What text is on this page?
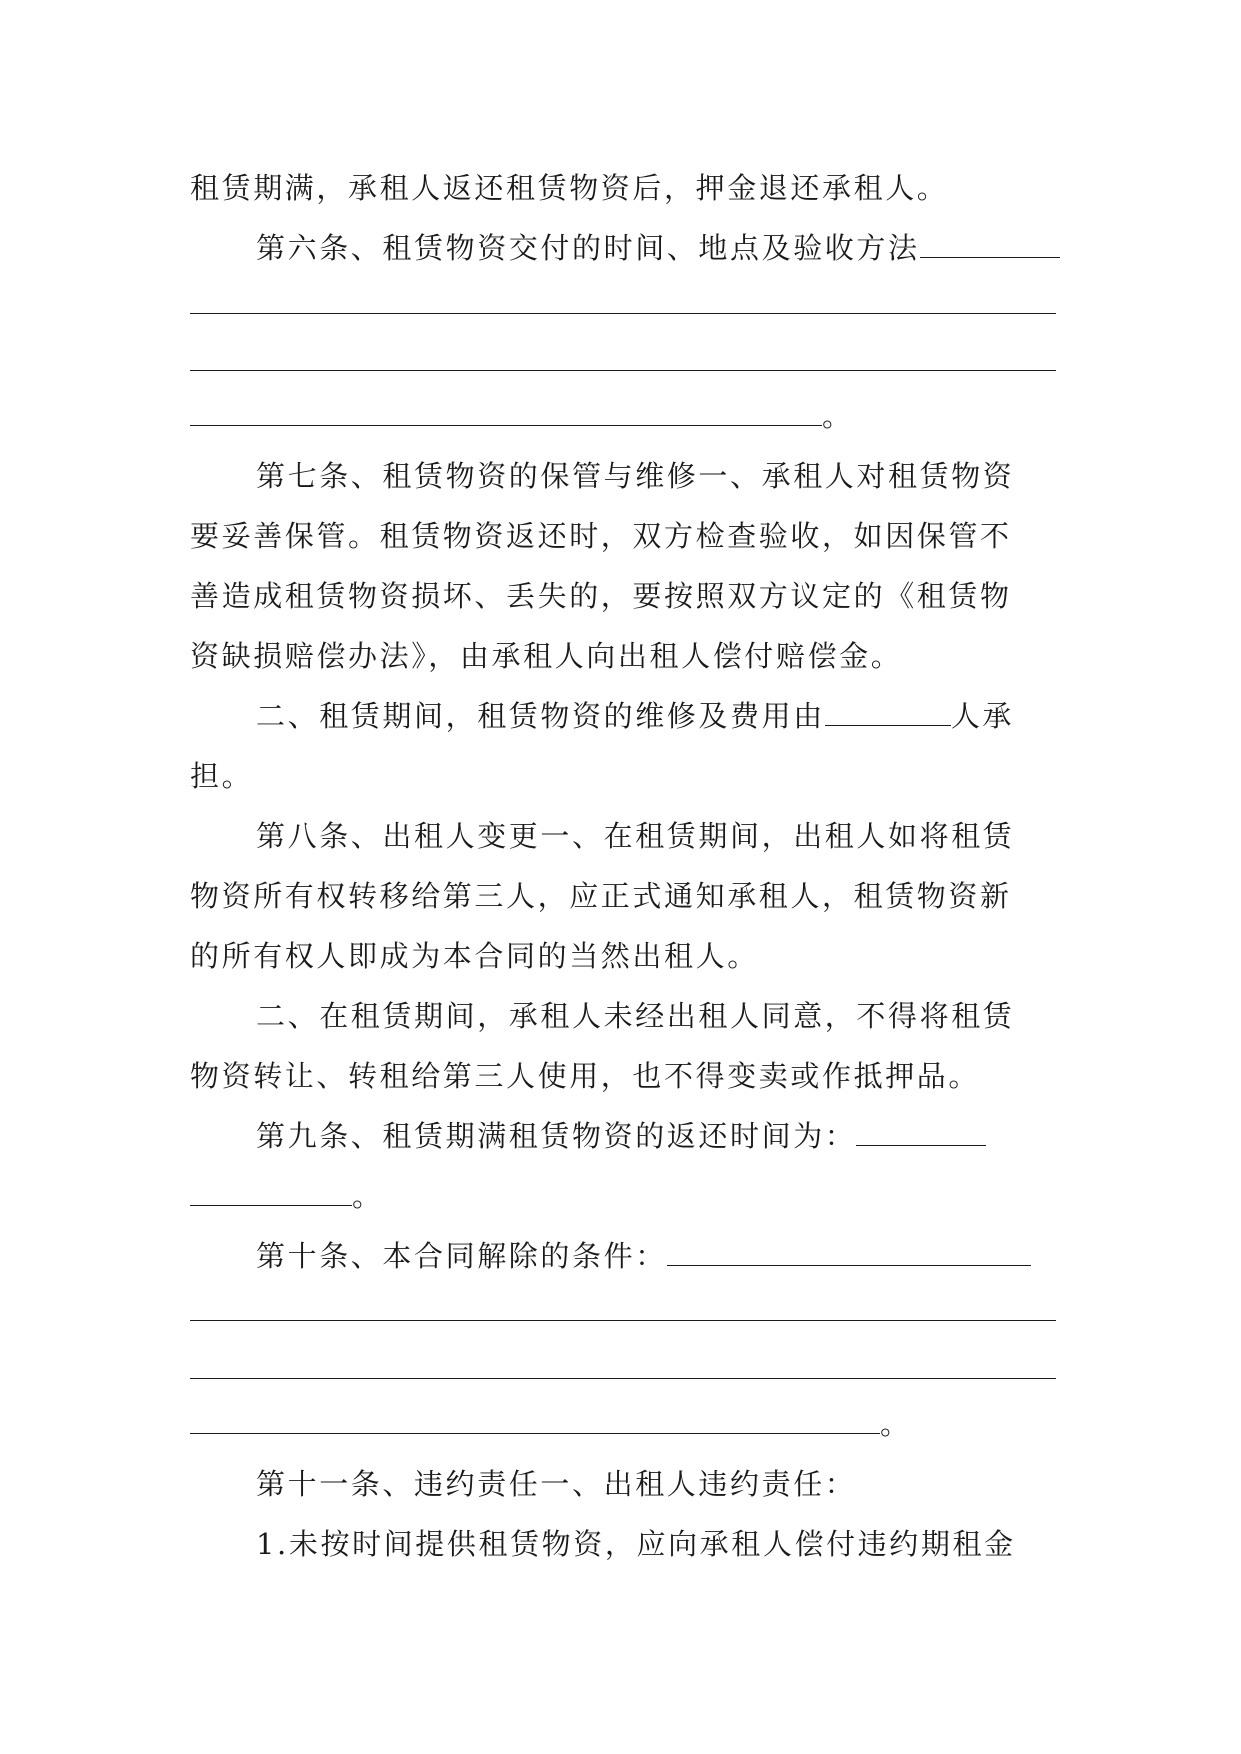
租赁期满，承租人返还租赁物资后，押金退还承租人。
第六条、租赁物资交付的时间、地点及验收方法
。
第七条、租赁物资的保管与维修一、承租人对租赁物资
要妥善保管。租赁物资返还时，双方检查验收，如因保管不
善造成租赁物资损坏、丢失的，要按照双方议定的《租赁物
资缺损赔偿办法》，由承租人向出租人偿付赔偿金。
二、租赁期间，租赁物资的维修及费用由	人承
担。
第八条、出租人变更一、在租赁期间，出租人如将租赁
物资所有权转移给第三人，应正式通知承租人，租赁物资新
的所有权人即成为本合同的当然出租人。
二、在租赁期间，承租人未经出租人同意，不得将租赁
物资转让、转租给第三人使用，也不得变卖或作抵押品。
第九条、租赁期满租赁物资的返还时间为：
。
第十条、本合同解除的条件：
。
第十一条、违约责任一、出租人违约责任：
1.未按时间提供租赁物资，应向承租人偿付违约期租金
